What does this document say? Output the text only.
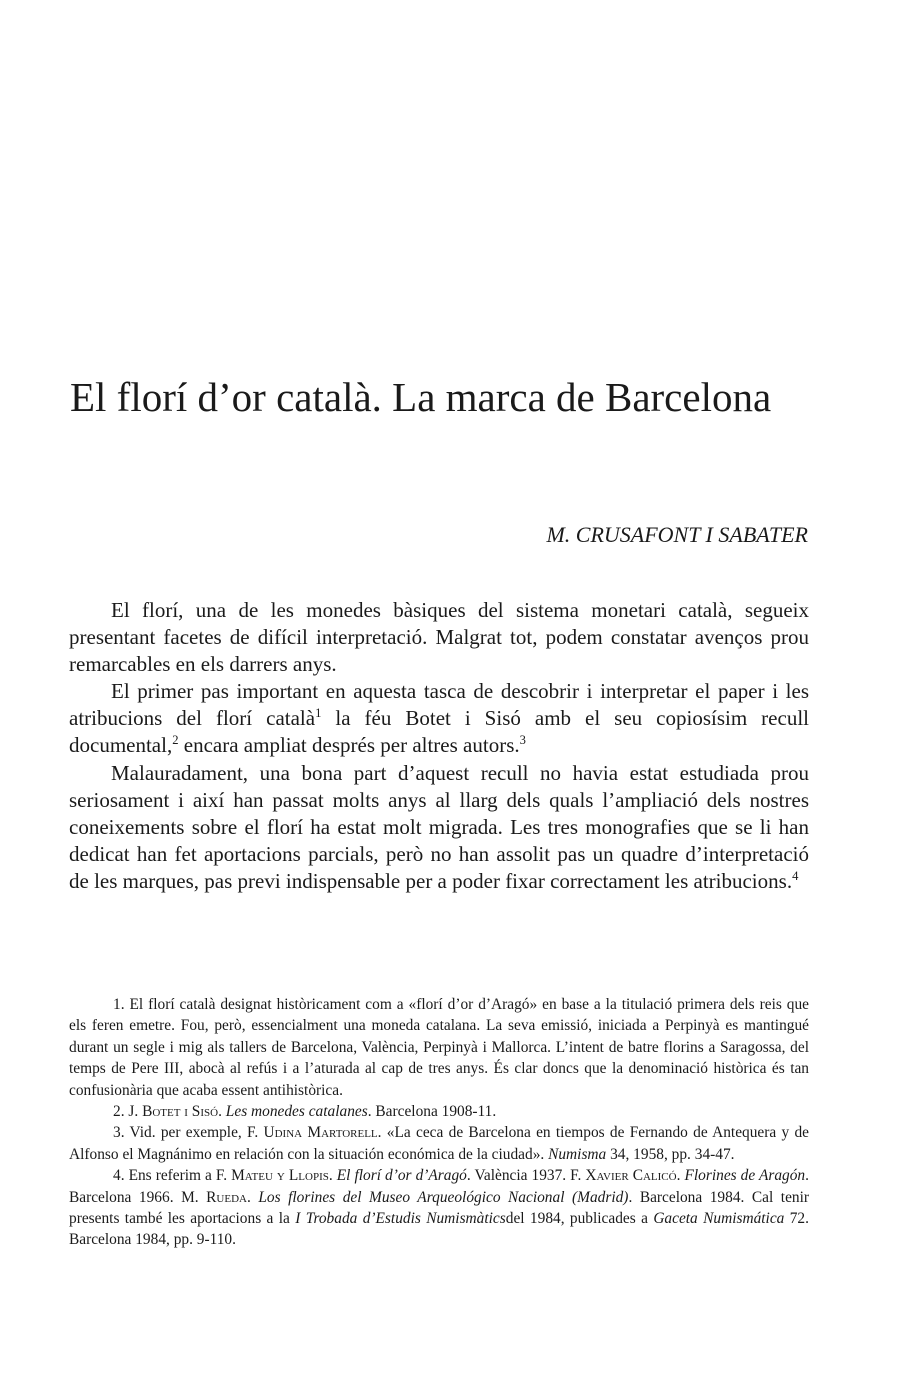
El florí d’or català. La marca de Barcelona
M. CRUSAFONT I SABATER

El florí, una de les monedes bàsiques del sistema monetari català, segueix presentant facetes de difícil interpretació. Malgrat tot, podem constatar avenços prou remarcables en els darrers anys.

El primer pas important en aquesta tasca de descobrir i interpretar el paper i les atribucions del florí català$^1$ la féu Botet i Sisó amb el seu copiosísim recull documental,$^2$ encara ampliat després per altres autors.$^3$

Malauradament, una bona part d’aquest recull no havia estat estudiada prou seriosament i així han passat molts anys al llarg dels quals l’ampliació dels nostres coneixements sobre el florí ha estat molt migrada. Les tres monografies que se li han dedicat han fet aportacions parcials, però no han assolit pas un quadre d’interpretació de les marques, pas previ indispensable per a poder fixar correctament les atribucions.$^4$

1. El florí català designat històricament com a «florí d’or d’Aragó» en base a la titulació primera dels reis que els feren emetre. Fou, però, essencialment una moneda catalana. La seva emissió, iniciada a Perpinyà es mantingué durant un segle i mig als tallers de Barcelona, València, Perpinyà i Mallorca. L’intent de batre florins a Saragossa, del temps de Pere III, abocà al refús i a l’aturada al cap de tres anys. És clar doncs que la denominació històrica és tan confusionària que acaba essent antihistòrica.

2. J. Botet i Sisó. Les monedes catalanes. Barcelona 1908-11.

3. Vid. per exemple, F. Udina Martorell. «La ceca de Barcelona en tiempos de Fernando de Antequera y de Alfonso el Magnánimo en relación con la situación económica de la ciudad». Numisma 34, 1958, pp. 34-47.

4. Ens referim a F. Mateu y Llopis. El florí d’or d’Aragó. València 1937. F. Xavier Calicó. Florines de Aragón. Barcelona 1966. M. Rueda. Los florines del Museo Arqueológico Nacional (Madrid). Barcelona 1984. Cal tenir presents també les aportacions a la I Trobada d’Estudis Numismàticsdel 1984, publicades a Gaceta Numismática 72. Barcelona 1984, pp. 9-110.
